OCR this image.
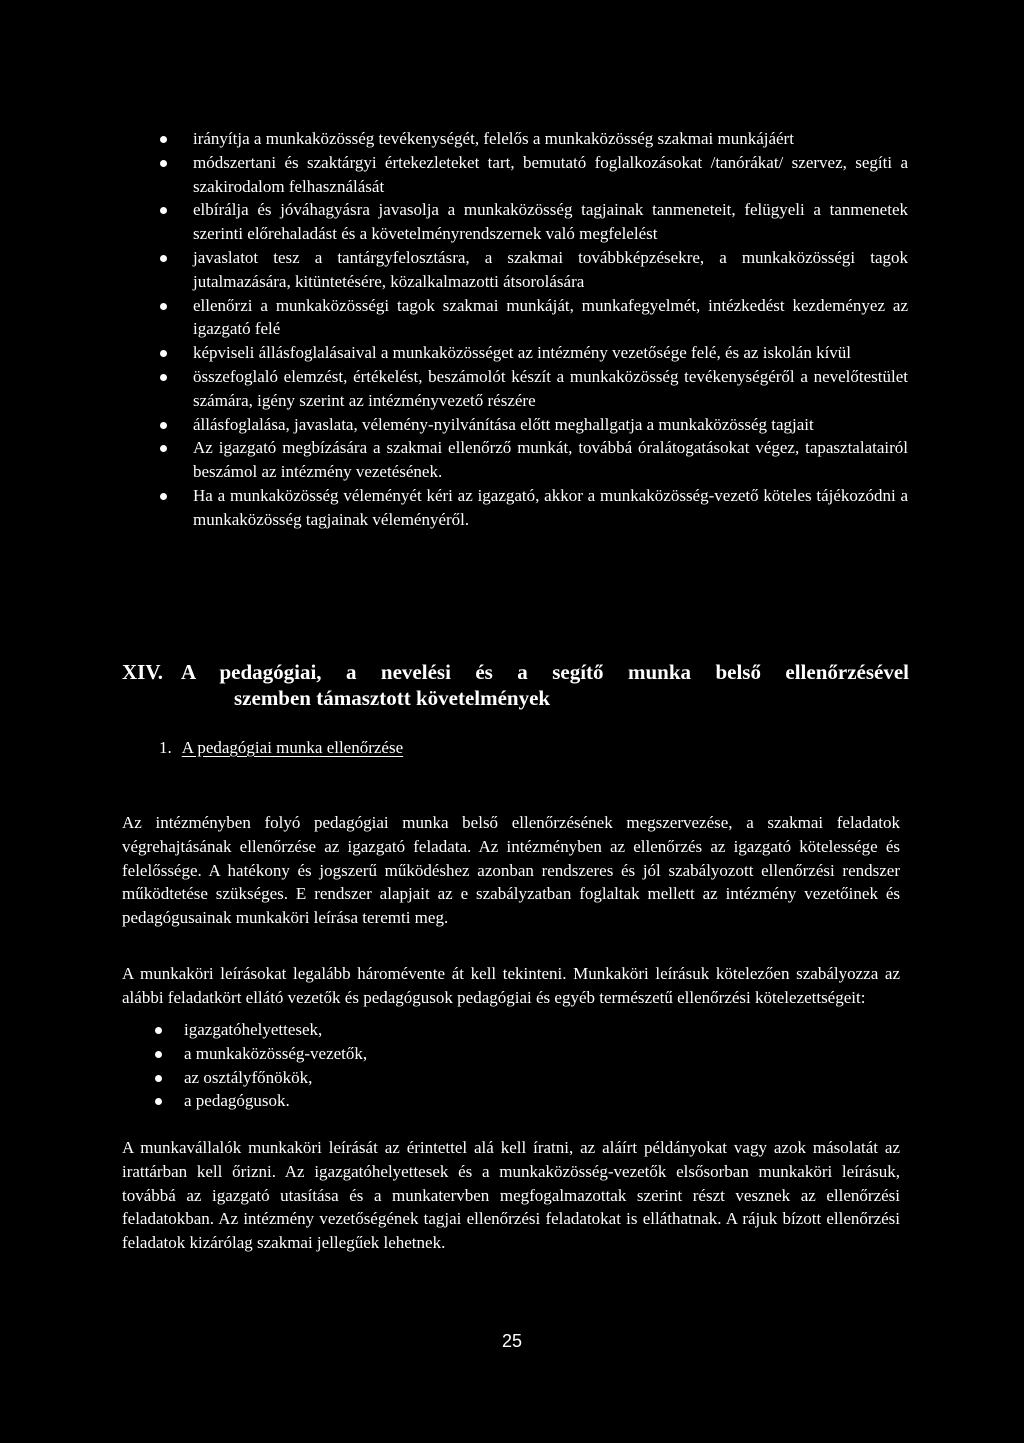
irányítja a munkaközösség tevékenységét, felelős a munkaközösség szakmai munkájáért
módszertani és szaktárgyi értekezleteket tart, bemutató foglalkozásokat /tanórákat/ szervez, segíti a szakirodalom felhasználását
elbírálja és jóváhagyásra javasolja a munkaközösség tagjainak tanmeneteit, felügyeli a tanmenetek szerinti előrehaladást és a követelményrendszernek való megfelelést
javaslatot tesz a tantárgyfelosztásra, a szakmai továbbképzésekre, a munkaközösségi tagok jutalmazására, kitüntetésére, közalkalmazotti átsorolására
ellenőrzi a munkaközösségi tagok szakmai munkáját, munkafegyelmét, intézkedést kezdeményez az igazgató felé
képviseli állásfoglalásaival a munkaközösséget az intézmény vezetősége felé, és az iskolán kívül
összefoglaló elemzést, értékelést, beszámolót készít a munkaközösség tevékenységéről a nevelőtestület számára, igény szerint az intézményvezető részére
állásfoglalása, javaslata, vélemény-nyilvánítása előtt meghallgatja a munkaközösség tagjait
Az igazgató megbízására a szakmai ellenőrző munkát, továbbá óralátogatásokat végez, tapasztalatairól beszámol az intézmény vezetésének.
Ha a munkaközösség véleményét kéri az igazgató, akkor a munkaközösség-vezető köteles tájékozódni a munkaközösség tagjainak véleményéről.
XIV. A pedagógiai, a nevelési és a segítő munka belső ellenőrzésével
szemben támasztott követelmények
1. A pedagógiai munka ellenőrzése

Az intézményben folyó pedagógiai munka belső ellenőrzésének megszervezése, a szakmai feladatok végrehajtásának ellenőrzése az igazgató feladata. Az intézményben az ellenőrzés az igazgató kötelessége és felelőssége. A hatékony és jogszerű működéshez azonban rendszeres és jól szabályozott ellenőrzési rendszer működtetése szükséges. E rendszer alapjait az e szabályzatban foglaltak mellett az intézmény vezetőinek és pedagógusainak munkaköri leírása teremti meg.

A munkaköri leírásokat legalább háromévente át kell tekinteni. Munkaköri leírásuk kötelezően szabályozza az alábbi feladatkört ellátó vezetők és pedagógusok pedagógiai és egyéb természetű ellenőrzési kötelezettségeit:

igazgatóhelyettesek,
a munkaközösség-vezetők,
az osztályfőnökök,
a pedagógusok.

A munkavállalók munkaköri leírását az érintettel alá kell íratni, az aláírt példányokat vagy azok másolatát az irattárban kell őrizni. Az igazgatóhelyettesek és a munkaközösség-vezetők elsősorban munkaköri leírásuk, továbbá az igazgató utasítása és a munkatervben megfogalmazottak szerint részt vesznek az ellenőrzési feladatokban. Az intézmény vezetőségének tagjai ellenőrzési feladatokat is elláthatnak. A rájuk bízott ellenőrzési feladatok kizárólag szakmai jellegűek lehetnek.

25
